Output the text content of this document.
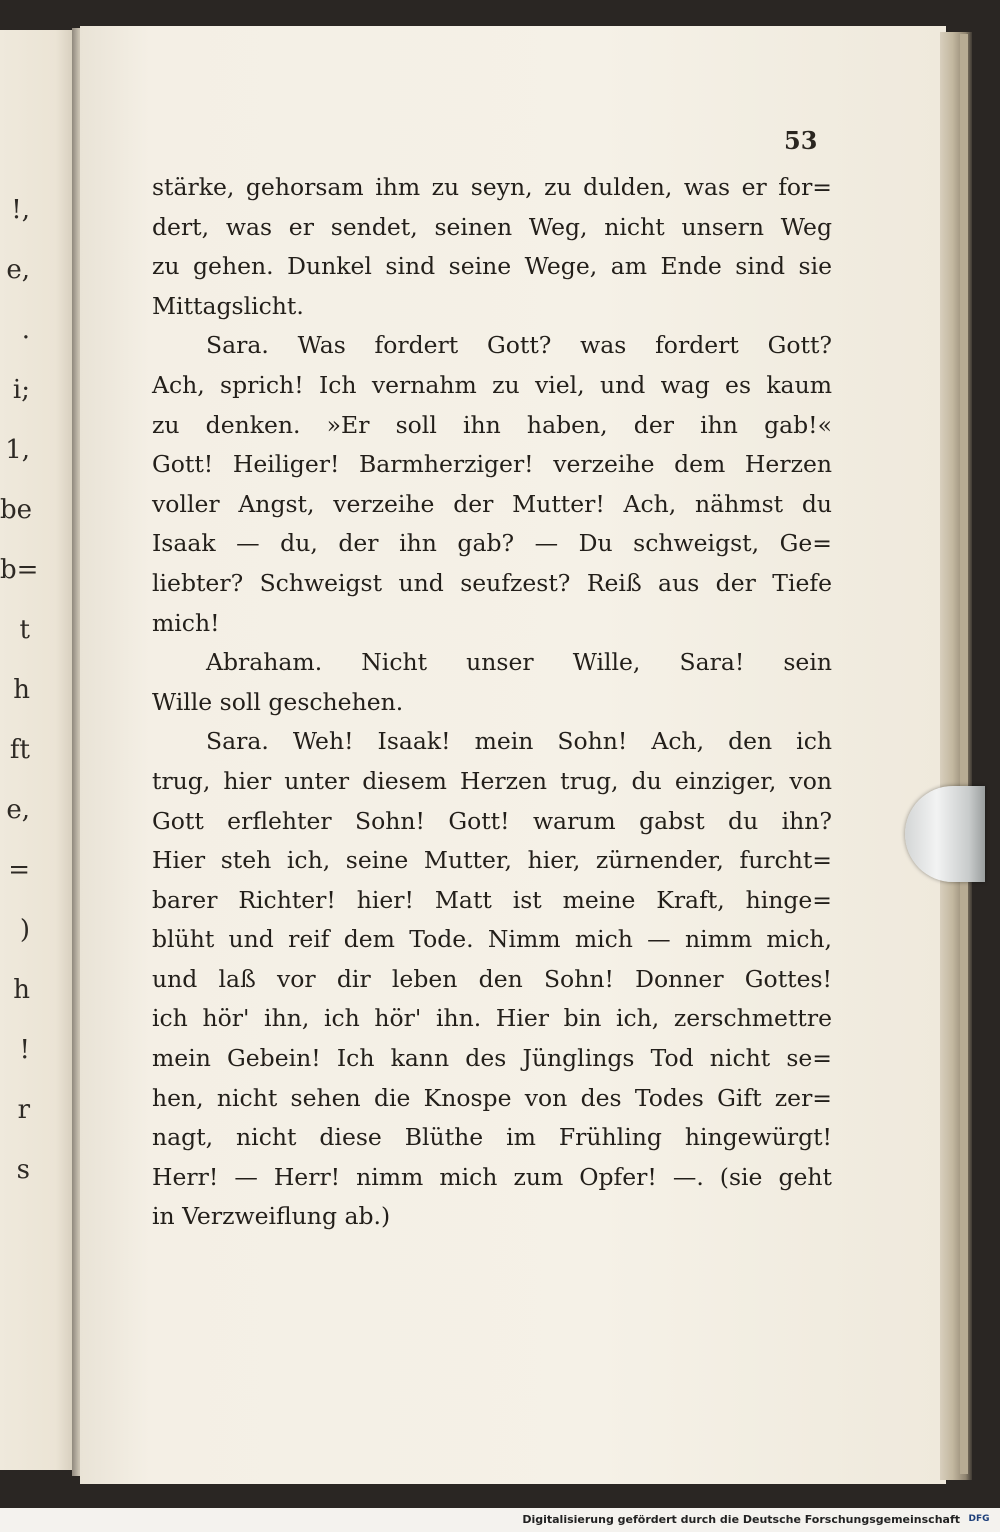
!,
e,
.
i;
1,
be
b=
t
h
ft
e,
=
)
h
!
r
s
53
stärke, gehorsam ihm zu seyn, zu dulden, was er for=
dert, was er sendet, seinen Weg, nicht unsern Weg
zu gehen. Dunkel sind seine Wege, am Ende sind sie
Mittagslicht.
Sara. Was fordert Gott? was fordert Gott?
Ach, sprich! Ich vernahm zu viel, und wag es kaum
zu denken. »Er soll ihn haben, der ihn gab!«
Gott! Heiliger! Barmherziger! verzeihe dem Herzen
voller Angst, verzeihe der Mutter! Ach, nähmst du
Isaak — du, der ihn gab? — Du schweigst, Ge=
liebter? Schweigst und seufzest? Reiß aus der Tiefe
mich!
Abraham. Nicht unser Wille, Sara! sein
Wille soll geschehen.
Sara. Weh! Isaak! mein Sohn! Ach, den ich
trug, hier unter diesem Herzen trug, du einziger, von
Gott erflehter Sohn! Gott! warum gabst du ihn?
Hier steh ich, seine Mutter, hier, zürnender, furcht=
barer Richter! hier! Matt ist meine Kraft, hinge=
blüht und reif dem Tode. Nimm mich — nimm mich,
und laß vor dir leben den Sohn! Donner Gottes!
ich hör' ihn, ich hör' ihn. Hier bin ich, zerschmettre
mein Gebein! Ich kann des Jünglings Tod nicht se=
hen, nicht sehen die Knospe von des Todes Gift zer=
nagt, nicht diese Blüthe im Frühling hingewürgt!
Herr! — Herr! nimm mich zum Opfer! —. (sie geht
in Verzweiflung ab.)
Digitalisierung gefördert durch die Deutsche Forschungsgemeinschaft DFG
